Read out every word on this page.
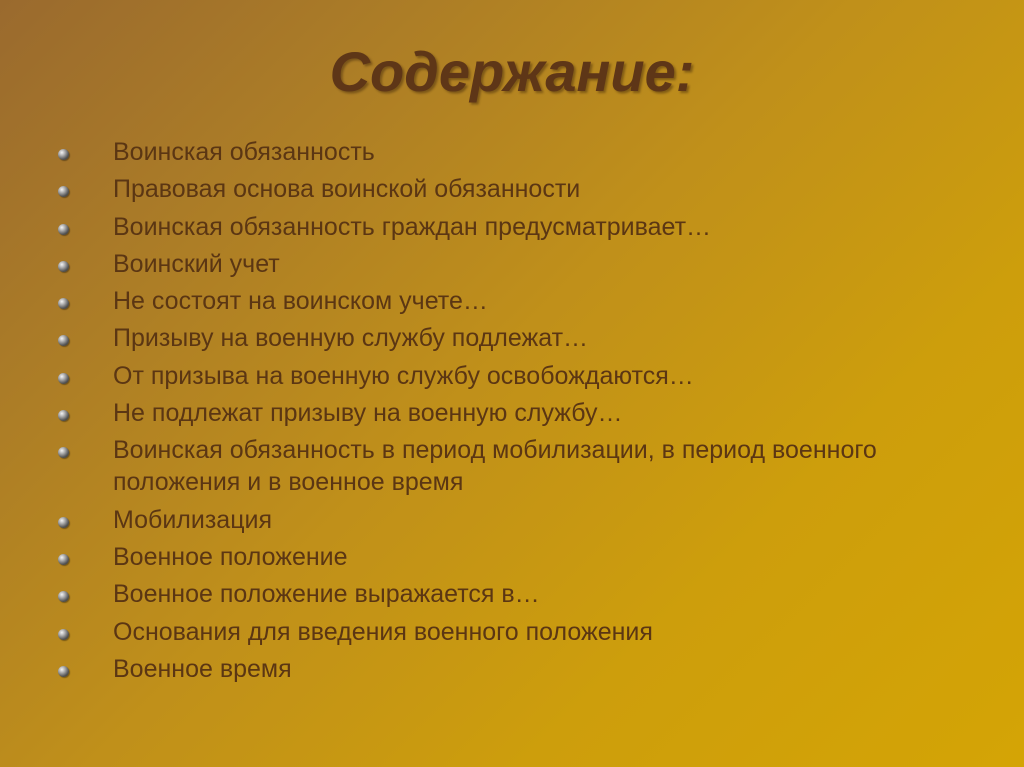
Содержание:
Воинская обязанность
Правовая основа воинской обязанности
Воинская обязанность граждан предусматривает…
Воинский учет
Не состоят на воинском учете…
Призыву на военную службу подлежат…
От призыва на военную службу освобождаются…
Не подлежат призыву на военную службу…
Воинская обязанность в период мобилизации, в период военного положения и в военное время
Мобилизация
Военное положение
Военное положение выражается в…
Основания для введения военного положения
Военное время
